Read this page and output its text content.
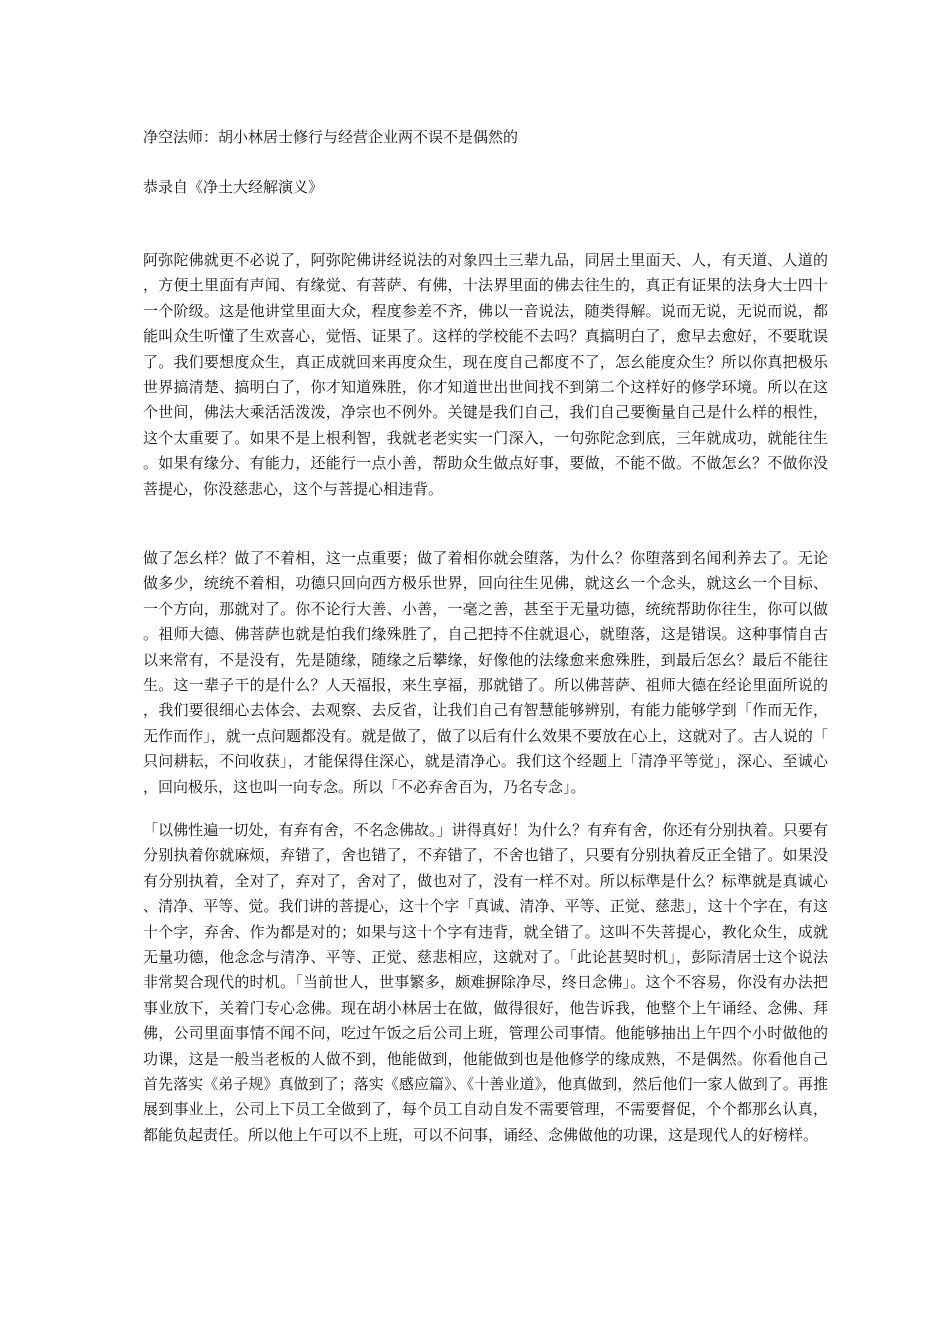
净空法师：胡小林居士修行与经营企业两不误不是偶然的
恭录自《净土大经解演义》

阿弥陀佛就更不必说了，阿弥陀佛讲经说法的对象四土三辈九品，同居土里面天、人，有天道、人道的，方便土里面有声闻、有缘觉、有菩萨、有佛，十法界里面的佛去往生的，真正有证果的法身大士四十一个阶级。这是他讲堂里面大众，程度参差不齐，佛以一音说法，随类得解。说而无说，无说而说，都能叫众生听懂了生欢喜心，觉悟、证果了。这样的学校能不去吗？真搞明白了，愈早去愈好，不要耽误了。我们要想度众生，真正成就回来再度众生，现在度自己都度不了，怎幺能度众生？所以你真把极乐世界搞清楚、搞明白了，你才知道殊胜，你才知道世出世间找不到第二个这样好的修学环境。所以在这个世间，佛法大乘活活泼泼，净宗也不例外。关键是我们自己，我们自己要衡量自己是什么样的根性，这个太重要了。如果不是上根利智，我就老老实实一门深入，一句弥陀念到底，三年就成功，就能往生。如果有缘分、有能力，还能行一点小善，帮助众生做点好事，要做，不能不做。不做怎幺？不做你没菩提心，你没慈悲心，这个与菩提心相违背。

做了怎幺样？做了不着相，这一点重要；做了着相你就会堕落，为什么？你堕落到名闻利养去了。无论做多少，统统不着相，功德只回向西方极乐世界，回向往生见佛，就这幺一个念头，就这幺一个目标、一个方向，那就对了。你不论行大善、小善，一毫之善，甚至于无量功德，统统帮助你往生，你可以做。祖师大德、佛菩萨也就是怕我们缘殊胜了，自己把持不住就退心，就堕落，这是错误。这种事情自古以来常有，不是没有，先是随缘，随缘之后攀缘，好像他的法缘愈来愈殊胜，到最后怎幺？最后不能往生。这一辈子干的是什么？人天福报，来生享福，那就错了。所以佛菩萨、祖师大德在经论里面所说的，我们要很细心去体会、去观察、去反省，让我们自己有智慧能够辨别，有能力能够学到「作而无作，无作而作」，就一点问题都没有。就是做了，做了以后有什么效果不要放在心上，这就对了。古人说的「只问耕耘，不问收获」，才能保得住深心，就是清净心。我们这个经题上「清净平等觉」，深心、至诚心，回向极乐，这也叫一向专念。所以「不必弃舍百为，乃名专念」。

「以佛性遍一切处，有弃有舍，不名念佛故。」讲得真好！为什么？有弃有舍，你还有分别执着。只要有分别执着你就麻烦，弃错了，舍也错了，不弃错了，不舍也错了，只要有分别执着反正全错了。如果没有分别执着，全对了，弃对了，舍对了，做也对了，没有一样不对。所以标準是什么？标準就是真诚心、清净、平等、觉。我们讲的菩提心，这十个字「真诚、清净、平等、正觉、慈悲」，这十个字在，有这十个字，弃舍、作为都是对的；如果与这十个字有违背，就全错了。这叫不失菩提心，教化众生，成就无量功德，他念念与清净、平等、正觉、慈悲相应，这就对了。「此论甚契时机」，彭际清居士这个说法非常契合现代的时机。「当前世人，世事繁多，颇难摒除净尽，终日念佛」。这个不容易，你没有办法把事业放下，关着门专心念佛。现在胡小林居士在做，做得很好，他告诉我，他整个上午诵经、念佛、拜佛，公司里面事情不闻不问，吃过午饭之后公司上班，管理公司事情。他能够抽出上午四个小时做他的功课，这是一般当老板的人做不到，他能做到，他能做到也是他修学的缘成熟，不是偶然。你看他自己首先落实《弟子规》真做到了；落实《感应篇》、《十善业道》，他真做到，然后他们一家人做到了。再推展到事业上，公司上下员工全做到了，每个员工自动自发不需要管理，不需要督促，个个都那幺认真，都能负起责任。所以他上午可以不上班，可以不问事，诵经、念佛做他的功课，这是现代人的好榜样。
